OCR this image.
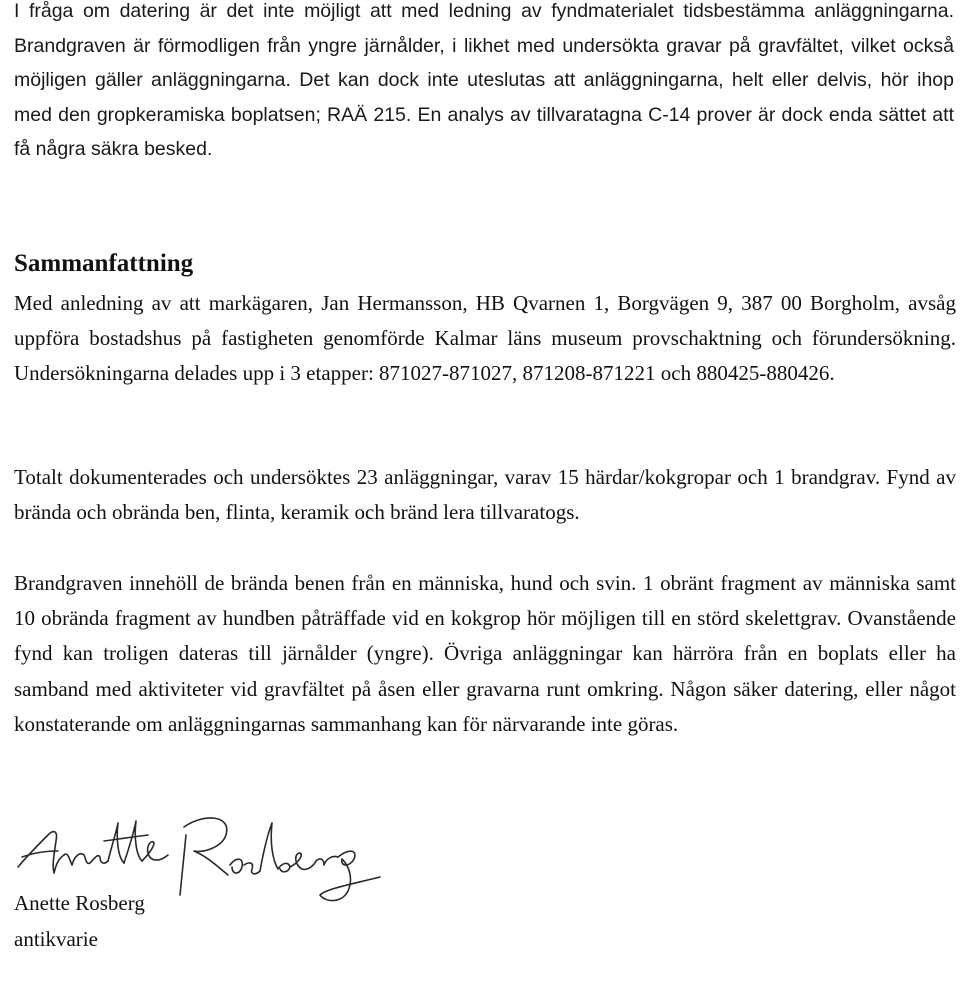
I fråga om datering är det inte möjligt att med ledning av fyndmaterialet tidsbestämma anläggningarna. Brandgraven är förmodligen från yngre järnålder, i likhet med undersökta gravar på gravfältet, vilket också möjligen gäller anläggningarna. Det kan dock inte uteslutas att anläggningarna, helt eller delvis, hör ihop med den gropkeramiska boplatsen; RAÄ 215. En analys av tillvaratagna C-14 prover är dock enda sättet att få några säkra besked.

Sammanfattning

Med anledning av att markägaren, Jan Hermansson, HB Qvarnen 1, Borgvägen 9, 387 00 Borgholm, avsåg uppföra bostadshus på fastigheten genomförde Kalmar läns museum provschaktning och förundersökning. Undersökningarna delades upp i 3 etapper: 871027-871027, 871208-871221 och 880425-880426.

Totalt dokumenterades och undersöktes 23 anläggningar, varav 15 härdar/kokgropar och 1 brandgrav. Fynd av brända och obrända ben, flinta, keramik och bränd lera tillvaratogs.

Brandgraven innehöll de brända benen från en människa, hund och svin. 1 obränt fragment av människa samt 10 obrända fragment av hundben påträffade vid en kokgrop hör möjligen till en störd skelettgrav. Ovanstående fynd kan troligen dateras till järnålder (yngre). Övriga anläggningar kan härröra från en boplats eller ha samband med aktiviteter vid gravfältet på åsen eller gravarna runt omkring. Någon säker datering, eller något konstaterande om anläggningarnas sammanhang kan för närvarande inte göras.

Anette Rosberg

antikvarie
